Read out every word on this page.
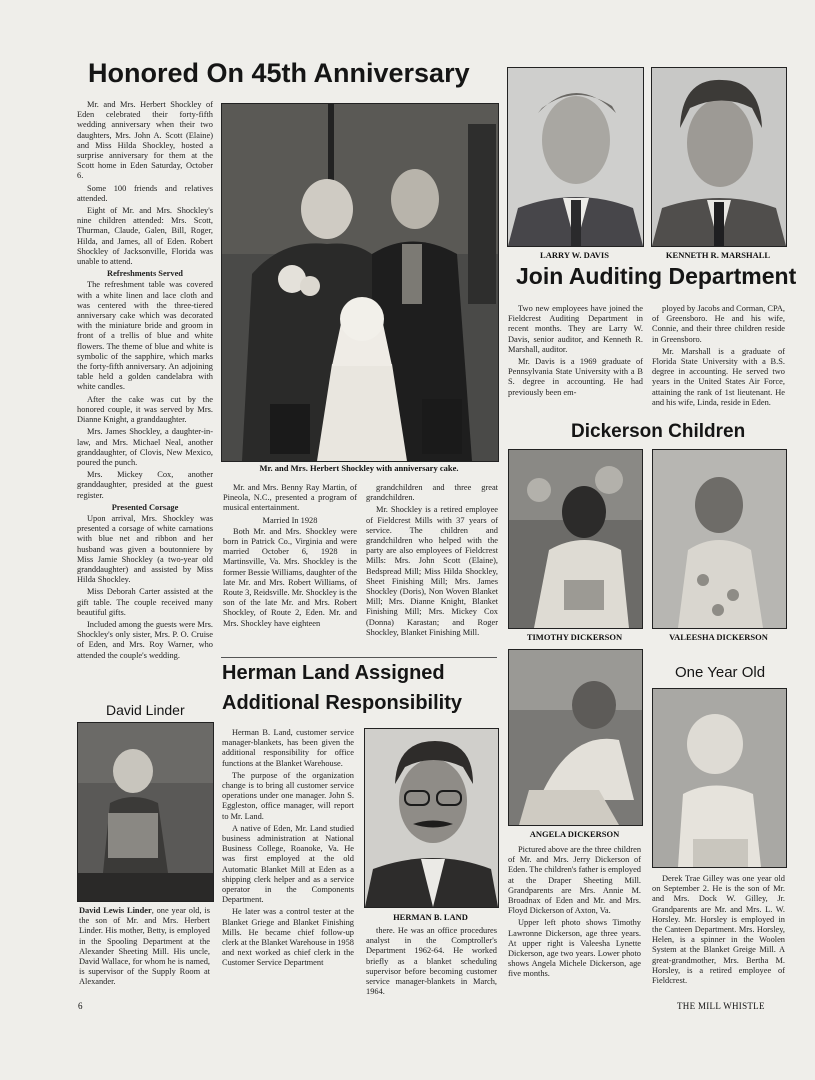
Honored On 45th Anniversary

Mr. and Mrs. Herbert Shockley of Eden celebrated their forty-fifth wedding anniversary when their two daughters, Mrs. John A. Scott (Elaine) and Miss Hilda Shockley, hosted a surprise anniversary for them at the Scott home in Eden Saturday, October 6.

Some 100 friends and relatives attended.

Eight of Mr. and Mrs. Shockley's nine children attended: Mrs. Scott, Thurman, Claude, Galen, Bill, Roger, Hilda, and James, all of Eden. Robert Shockley of Jacksonville, Florida was unable to attend.

Refreshments Served

The refreshment table was covered with a white linen and lace cloth and was centered with the three-tiered anniversary cake which was decorated with the miniature bride and groom in front of a trellis of blue and white flowers. The theme of blue and white is symbolic of the sapphire, which marks the forty-fifth anniversary. An adjoining table held a golden candelabra with white candles.

After the cake was cut by the honored couple, it was served by Mrs. Dianne Knight, a granddaughter.

Mrs. James Shockley, a daughter-in-law, and Mrs. Michael Neal, another granddaughter, of Clovis, New Mexico, poured the punch.

Mrs. Mickey Cox, another granddaughter, presided at the guest register.

Presented Corsage

Upon arrival, Mrs. Shockley was presented a corsage of white carnations with blue net and ribbon and her husband was given a boutonniere by Miss Jamie Shockley (a two-year old granddaughter) and assisted by Miss Hilda Shockley.

Miss Deborah Carter assisted at the gift table. The couple received many beautiful gifts.

Included among the guests were Mrs. Shockley's only sister, Mrs. P. O. Cruise of Eden, and Mrs. Roy Warner, who attended the couple's wedding.

Mr. and Mrs. Herbert Shockley with anniversary cake.

Mr. and Mrs. Benny Ray Martin, of Pineola, N.C., presented a program of musical entertainment.

Married In 1928

Both Mr. and Mrs. Shockley were born in Patrick Co., Virginia and were married October 6, 1928 in Martinsville, Va. Mrs. Shockley is the former Bessie Williams, daughter of the late Mr. and Mrs. Robert Williams, of Route 3, Reidsville. Mr. Shockley is the son of the late Mr. and Mrs. Robert Shockley, of Route 2, Eden. Mr. and Mrs. Shockley have eighteen

grandchildren and three great grandchildren.

Mr. Shockley is a retired employee of Fieldcrest Mills with 37 years of service. The children and grandchildren who helped with the party are also employees of Fieldcrest Mills: Mrs. John Scott (Elaine), Bedspread Mill; Miss Hilda Shockley, Sheet Finishing Mill; Mrs. James Shockley (Doris), Non Woven Blanket Mill; Mrs. Dianne Knight, Blanket Finishing Mill; Mrs. Mickey Cox (Donna) Karastan; and Roger Shockley, Blanket Finishing Mill.

LARRY W. DAVIS	KENNETH R. MARSHALL
Join Auditing Department

Two new employees have joined the Fieldcrest Auditing Department in recent months. They are Larry W. Davis, senior auditor, and Kenneth R. Marshall, auditor.

Mr. Davis is a 1969 graduate of Pennsylvania State University with a B S. degree in accounting. He had previously been em-

ployed by Jacobs and Corman, CPA, of Greensboro. He and his wife, Connie, and their three children reside in Greensboro.

Mr. Marshall is a graduate of Florida State University with a B.S. degree in accounting. He served two years in the United States Air Force, attaining the rank of 1st lieutenant. He and his wife, Linda, reside in Eden.

Dickerson Children
TIMOTHY DICKERSON	VALEESHA DICKERSON
ANGELA DICKERSON

Pictured above are the three children of Mr. and Mrs. Jerry Dickerson of Eden. The children's father is employed at the Draper Sheeting Mill. Grandparents are Mrs. Annie M. Broadnax of Eden and Mr. and Mrs. Floyd Dickerson of Axton, Va.

Upper left photo shows Timothy Lawronne Dickerson, age three years. At upper right is Valeesha Lynette Dickerson, age two years. Lower photo shows Angela Michele Dickerson, age five months.

One Year Old

Derek Trae Gilley was one year old on September 2. He is the son of Mr. and Mrs. Dock W. Gilley, Jr. Grandparents are Mr. and Mrs. L. W. Horsley. Mr. Horsley is employed in the Canteen Department. Mrs. Horsley, Helen, is a spinner in the Woolen System at the Blanket Greige Mill. A great-grandmother, Mrs. Bertha M. Horsley, is a retired employee of Fieldcrest.

Herman Land Assigned
Additional Responsibility

Herman B. Land, customer service manager-blankets, has been given the additional responsibility for office functions at the Blanket Warehouse.

The purpose of the organization change is to bring all customer service operations under one manager. John S. Eggleston, office manager, will report to Mr. Land.

A native of Eden, Mr. Land studied business administration at National Business College, Roanoke, Va. He was first employed at the old Automatic Blanket Mill at Eden as a shipping clerk helper and as a service operator in the Components Department.

He later was a control tester at the Blanket Griege and Blanket Finishing Mills. He became chief follow-up clerk at the Blanket Warehouse in 1958 and next worked as chief clerk in the Customer Service Department

HERMAN B. LAND

there. He was an office procedures analyst in the Comptroller's Department 1962-64. He worked briefly as a blanket scheduling supervisor before becoming customer service manager-blankets in March, 1964.

David Linder
David Lewis Linder, one year old, is the son of Mr. and Mrs. Herbert Linder. His mother, Betty, is employed in the Spooling Department at the Alexander Sheeting Mill. His uncle, David Wallace, for whom he is named, is supervisor of the Supply Room at Alexander.
6	THE MILL WHISTLE
